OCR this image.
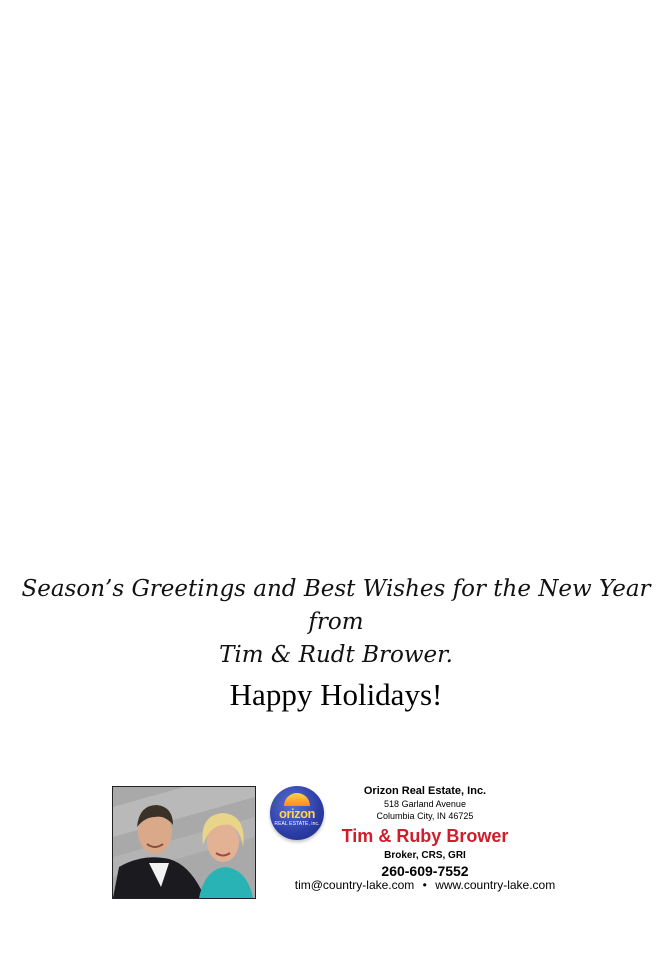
Season’s Greetings and Best Wishes for the New Year
from
Tim & Rudt Brower.
Happy Holidays!
orizon
REAL ESTATE, inc.
Orizon Real Estate, Inc.
518 Garland Avenue
Columbia City, IN 46725
Tim & Ruby Brower
Broker, CRS, GRI
260-609-7552
tim@country-lake.com • www.country-lake.com
